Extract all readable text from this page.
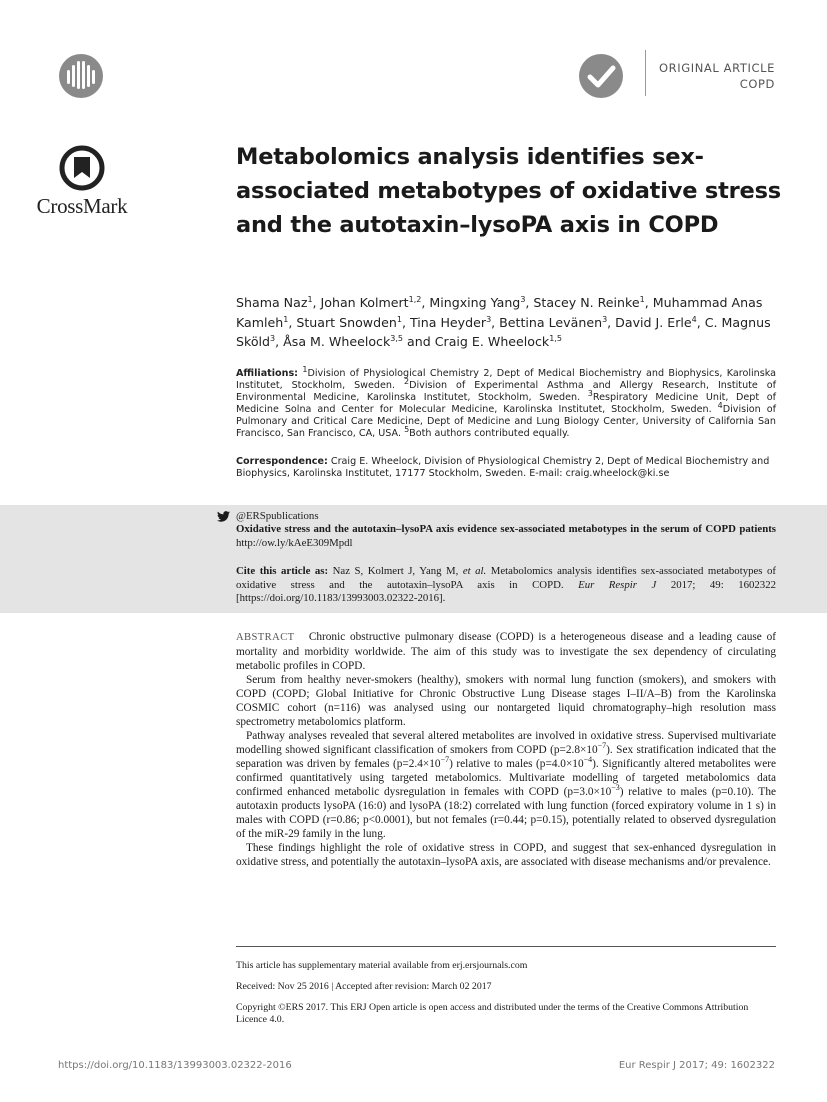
ORIGINAL ARTICLE
COPD
CrossMark
Metabolomics analysis identifies sex-associated metabotypes of oxidative stress and the autotaxin–lysoPA axis in COPD
Shama Naz$^1$, Johan Kolmert$^{1,2}$, Mingxing Yang$^3$, Stacey N. Reinke$^1$, Muhammad Anas Kamleh$^1$, Stuart Snowden$^1$, Tina Heyder$^3$, Bettina Levänen$^3$, David J. Erle$^4$, C. Magnus Sköld$^3$, Åsa M. Wheelock$^{3,5}$ and Craig E. Wheelock$^{1,5}$
Affiliations: $^1$Division of Physiological Chemistry 2, Dept of Medical Biochemistry and Biophysics, Karolinska Institutet, Stockholm, Sweden. $^2$Division of Experimental Asthma and Allergy Research, Institute of Environmental Medicine, Karolinska Institutet, Stockholm, Sweden. $^3$Respiratory Medicine Unit, Dept of Medicine Solna and Center for Molecular Medicine, Karolinska Institutet, Stockholm, Sweden. $^4$Division of Pulmonary and Critical Care Medicine, Dept of Medicine and Lung Biology Center, University of California San Francisco, San Francisco, CA, USA. $^5$Both authors contributed equally.
Correspondence: Craig E. Wheelock, Division of Physiological Chemistry 2, Dept of Medical Biochemistry and Biophysics, Karolinska Institutet, 17177 Stockholm, Sweden. E-mail: craig.wheelock@ki.se
@ERSpublications
Oxidative stress and the autotaxin–lysoPA axis evidence sex-associated metabotypes in the serum of COPD patients http://ow.ly/kAeE309Mpdl
Cite this article as: Naz S, Kolmert J, Yang M, et al. Metabolomics analysis identifies sex-associated metabotypes of oxidative stress and the autotaxin–lysoPA axis in COPD. Eur Respir J 2017; 49: 1602322 [https://doi.org/10.1183/13993003.02322-2016].

ABSTRACT Chronic obstructive pulmonary disease (COPD) is a heterogeneous disease and a leading cause of mortality and morbidity worldwide. The aim of this study was to investigate the sex dependency of circulating metabolic profiles in COPD.

Serum from healthy never-smokers (healthy), smokers with normal lung function (smokers), and smokers with COPD (COPD; Global Initiative for Chronic Obstructive Lung Disease stages I–II/A–B) from the Karolinska COSMIC cohort (n=116) was analysed using our nontargeted liquid chromatography–high resolution mass spectrometry metabolomics platform.

Pathway analyses revealed that several altered metabolites are involved in oxidative stress. Supervised multivariate modelling showed significant classification of smokers from COPD $(p=2.8\times 10^{-7})$. Sex stratification indicated that the separation was driven by females $(p=2.4\times 10^{-7})$ relative to males $(p=4.0\times 10^{-4})$. Significantly altered metabolites were confirmed quantitatively using targeted metabolomics. Multivariate modelling of targeted metabolomics data confirmed enhanced metabolic dysregulation in females with COPD $(p=3.0\times 10^{-3})$ relative to males (p=0.10). The autotaxin products lysoPA (16:0) and lysoPA (18:2) correlated with lung function (forced expiratory volume in 1 s) in males with COPD (r=0.86; p<0.0001), but not females (r=0.44; p=0.15), potentially related to observed dysregulation of the miR-29 family in the lung.

These findings highlight the role of oxidative stress in COPD, and suggest that sex-enhanced dysregulation in oxidative stress, and potentially the autotaxin–lysoPA axis, are associated with disease mechanisms and/or prevalence.

This article has supplementary material available from erj.ersjournals.com
Received: Nov 25 2016 | Accepted after revision: March 02 2017
Copyright ©ERS 2017. This ERJ Open article is open access and distributed under the terms of the Creative Commons Attribution Licence 4.0.
https://doi.org/10.1183/13993003.02322-2016	Eur Respir J 2017; 49: 1602322
